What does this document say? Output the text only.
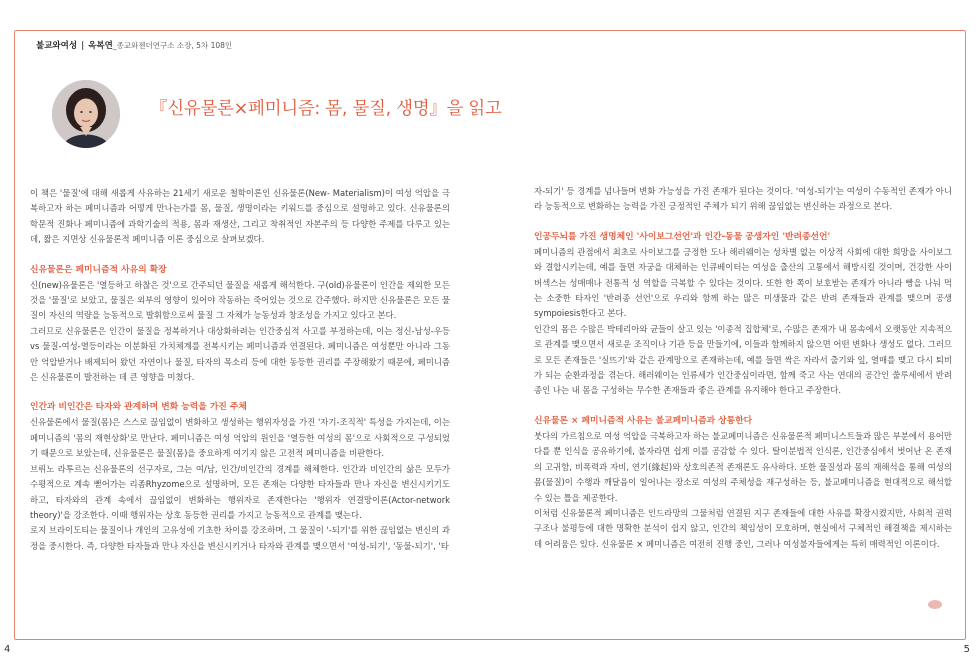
불교와여성 | 옥복연_종교와젠더연구소 소장, 5차 108인
『신유물론×페미니즘: 몸, 물질, 생명』을 읽고

이 책은 '물질'에 대해 새롭게 사유하는 21세기 새로운 철학이론인 신유물론(New- Materialism)이 여성 억압을 극복하고자 하는 페미니즘과 어떻게 만나는가를 몸, 물질, 생명이라는 키워드를 중심으로 설명하고 있다. 신유물론의 학문적 진화나 페미니즘에 과학기술의 적용, 몸과 재생산, 그리고 착취적인 자본주의 등 다양한 주제를 다루고 있는데, 짧은 지면상 신유물론적 페미니즘 이론 중심으로 살펴보겠다.

신유물론은 페미니즘적 사유의 확장

신(new)유물론은 '열등하고 하찮은 것'으로 간주되던 물질을 새롭게 해석한다. 구(old)유물론이 인간을 제외한 모든 것을 '물질'로 보았고, 물질은 외부의 영향이 있어야 작동하는 죽어있는 것으로 간주했다. 하지만 신유물론은 모든 물질이 자신의 역량을 능동적으로 발휘함으로써 물질 그 자체가 능동성과 창조성을 가지고 있다고 본다.

그러므로 신유물론은 인간이 물질을 정복하거나 대상화하려는 인간중심적 사고를 부정하는데, 이는 정신-남성-우등 vs 물질-여성-열등이라는 이분화된 가치체계를 전복시키는 페미니즘과 연결된다. 페미니즘은 여성뿐만 아니라 그동안 억압받거나 배제되어 왔던 자연이나 물질, 타자의 목소리 등에 대한 동등한 권리를 주장해왔기 때문에, 페미니즘은 신유물론이 발전하는 데 큰 영향을 미쳤다.

인간과 비인간은 타자와 관계하며 변화 능력을 가진 주체

신유물론에서 물질(몸)은 스스로 끊임없이 변화하고 생성하는 행위자성을 가진 '자기-조직적' 특성을 가지는데, 이는 페미니즘의 '몸의 재현상화'로 만난다. 페미니즘은 여성 억압의 원인을 '열등한 여성의 몸'으로 사회적으로 구성되었기 때문으로 보았는데, 신유물론은 물질(몸)을 중요하게 여기지 않은 고전적 페미니즘을 비판한다.

브뤼노 라투르는 신유물론의 선구자로, 그는 여/남, 인간/비인간의 경계를 해체한다. 인간과 비인간의 삶은 모두가 수평적으로 계속 뻗어가는 리좀Rhyzome으로 설명하며, 모든 존재는 다양한 타자들과 만나 자신을 변신시키기도 하고, 타자와의 관계 속에서 끊임없이 변화하는 행위자로 존재한다는 '행위자 연결망이론(Actor-network theory)'을 강조한다. 이때 행위자는 상호 동등한 권리를 가지고 능동적으로 관계를 맺는다.

로지 브라이도티는 물질이나 개인의 고유성에 기초한 차이를 강조하며, 그 물질이 '-되기'를 위한 끊임없는 변신의 과정을 중시한다. 즉, 다양한 타자들과 만나 자신을 변신시키거나 타자와 관계를 맺으면서 '여성-되기', '동물-되기', '타

자-되기' 등 경계를 넘나들며 변화 가능성을 가진 존재가 된다는 것이다. '여성-되기'는 여성이 수동적인 존재가 아니라 능동적으로 변화하는 능력을 가진 긍정적인 주체가 되기 위해 끊임없는 변신하는 과정으로 본다.

인공두뇌를 가진 생명체인 '사이보그선언'과 인간-동물 공생자인 '반려종선언'

페미니즘의 관점에서 최초로 사이보그를 긍정한 도나 해러웨이는 성차별 없는 이상적 사회에 대한 희망을 사이보그와 결합시키는데, 예를 들면 자궁을 대체하는 인큐베이터는 여성을 출산의 고통에서 해방시킬 것이며, 건강한 사이버섹스는 성매매나 전통적 성 역할을 극복할 수 있다는 것이다. 또한 한 쪽이 보호받는 존재가 아니라 빵을 나눠 먹는 소중한 타자인 '반려종 선언'으로 우리와 함께 하는 많은 미생물과 같은 반려 존재들과 관계를 맺으며 공생sympoiesis한다고 본다.

인간의 몸은 수많은 박테리아와 균들이 살고 있는 '이종적 집합체'로, 수많은 존재가 내 몸속에서 오랫동안 지속적으로 관계를 맺으면서 새로운 조직이나 기관 등을 만들기에, 이들과 함께하지 않으면 어떤 변화나 생성도 없다. 그러므로 모든 존재들은 '실뜨기'와 같은 관계망으로 존재하는데, 예를 들면 싹은 자라서 출기와 잎, 열매를 맺고 다시 퇴비가 되는 순환과정을 겪는다. 해러웨이는 인류세가 인간중심이라면, 함께 죽고 사는 연대의 공간인 쑬루세에서 반려종인 나는 내 몸을 구성하는 무수한 존재들과 좋은 관계를 유지해야 한다고 주장한다.

신유물론 × 페미니즘적 사유는 불교페미니즘과 상통한다

붓다의 가르침으로 여성 억압을 극복하고자 하는 불교페미니즘은 신유물론적 페미니스트들과 많은 부분에서 용어만 다를 뿐 인식을 공유하기에, 불자라면 쉽게 이를 공감할 수 있다. 탈이분법적 인식론, 인간중심에서 벗어난 온 존재의 고귀함, 비폭력과 자비, 연기(緣起)와 상호의존적 존재론도 유사하다. 또한 물질성과 몸의 재해석을 통해 여성의 몸(물질)이 수행과 깨달음이 일어나는 장소로 여성의 주체성을 재구성하는 등, 불교페미니즘을 현대적으로 해석할 수 있는 틀을 제공한다.

이처럼 신유물론적 페미니즘은 인드라망의 그물처럼 연결된 지구 존재들에 대한 사유를 확장시켰지만, 사회적 권력구조나 불평등에 대한 명확한 분석이 쉽지 않고, 인간의 책임성이 모호하며, 현실에서 구체적인 해결책을 제시하는 데 어려움은 있다. 신유물론 × 페미니즘은 여전히 진행 중인, 그러나 여성불자들에게는 특히 매력적인 이론이다.

4	5
